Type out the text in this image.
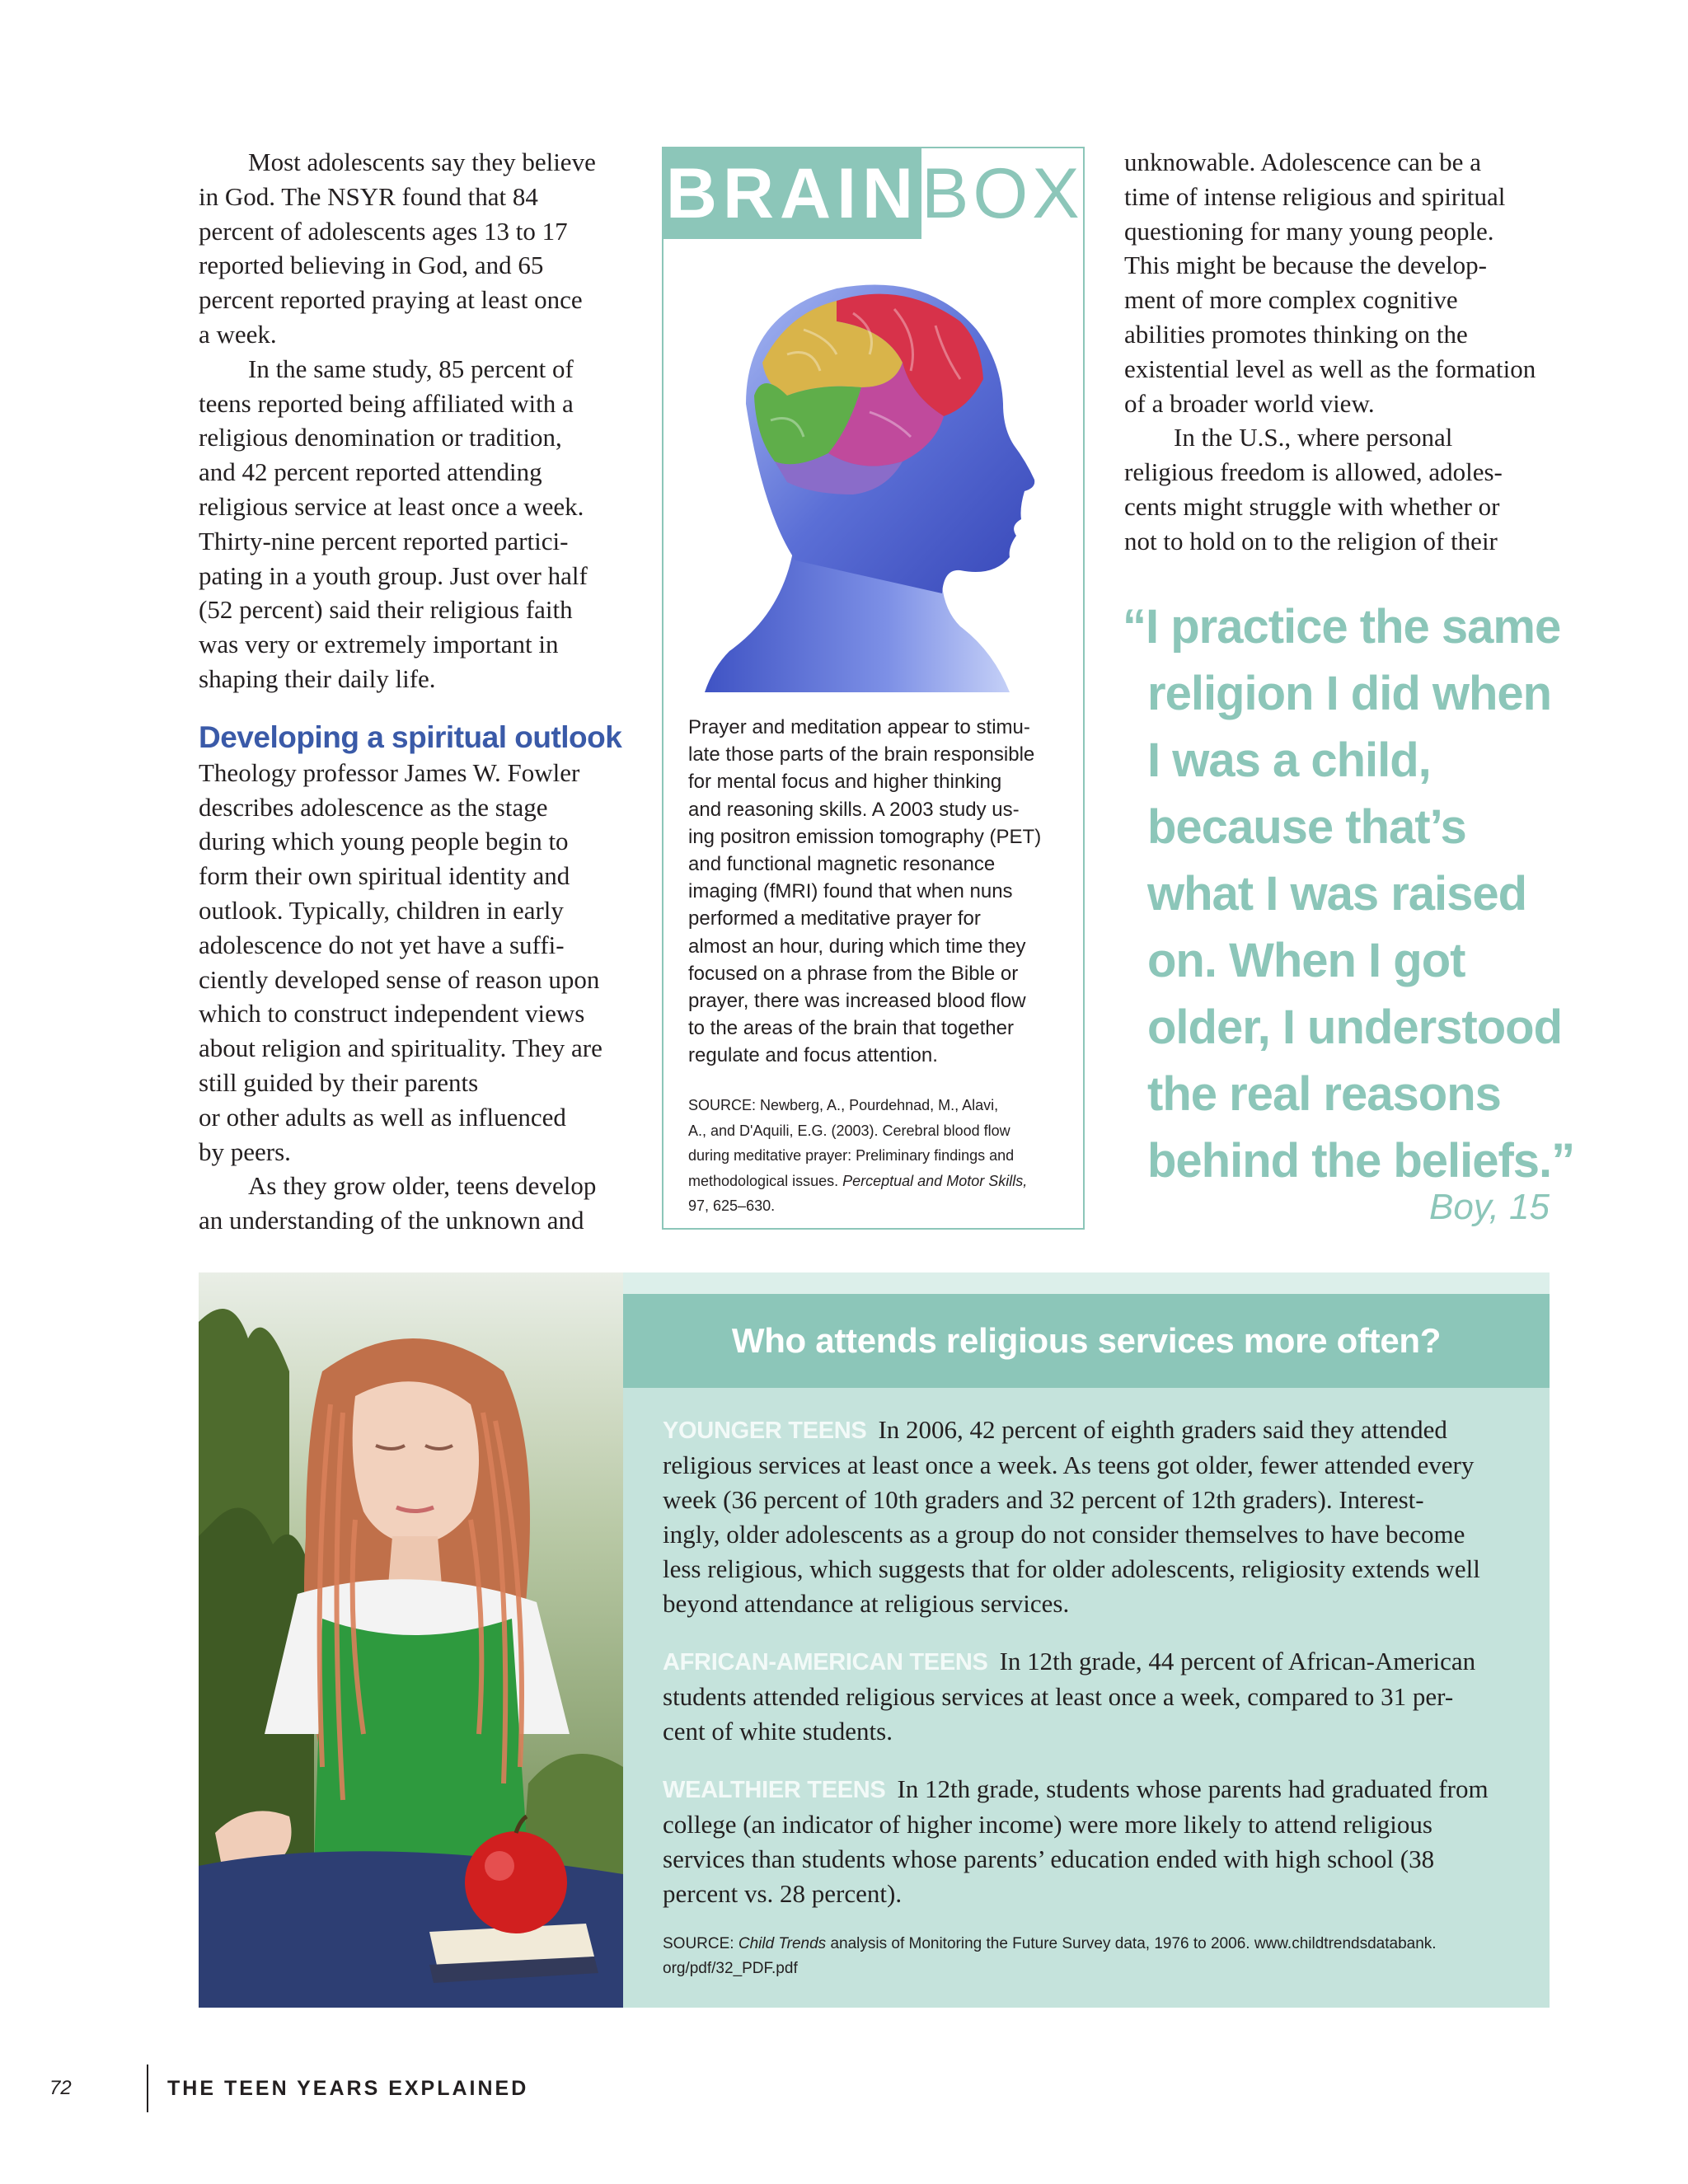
Most adolescents say they believe
in God. The NSYR found that 84
percent of adolescents ages 13 to 17
reported believing in God, and 65
percent reported praying at least once
a week.

In the same study, 85 percent of
teens reported being affiliated with a
religious denomination or tradition,
and 42 percent reported attending
religious service at least once a week.
Thirty-nine percent reported partici-
pating in a youth group. Just over half
(52 percent) said their religious faith
was very or extremely important in
shaping their daily life.

Developing a spiritual outlook

Theology professor James W. Fowler
describes adolescence as the stage
during which young people begin to
form their own spiritual identity and
outlook. Typically, children in early
adolescence do not yet have a suffi-
ciently developed sense of reason upon
which to construct independent views
about religion and spirituality. They are
still guided by their parents
or other adults as well as influenced
by peers.

As they grow older, teens develop
an understanding of the unknown and

BRAIN BOX
Prayer and meditation appear to stimu-
late those parts of the brain responsible
for mental focus and higher thinking
and reasoning skills. A 2003 study us-
ing positron emission tomography (PET)
and functional magnetic resonance
imaging (fMRI) found that when nuns
performed a meditative prayer for
almost an hour, during which time they
focused on a phrase from the Bible or
prayer, there was increased blood flow
to the areas of the brain that together
regulate and focus attention.
SOURCE: Newberg, A., Pourdehnad, M., Alavi,
A., and D'Aquili, E.G. (2003). Cerebral blood flow
during meditative prayer: Preliminary findings and
methodological issues. Perceptual and Motor Skills,
97, 625–630.

unknowable. Adolescence can be a
time of intense religious and spiritual
questioning for many young people.
This might be because the develop-
ment of more complex cognitive
abilities promotes thinking on the
existential level as well as the formation
of a broader world view.

In the U.S., where personal
religious freedom is allowed, adoles-
cents might struggle with whether or
not to hold on to the religion of their

“I practice the same
religion I did when
I was a child,
because that’s
what I was raised
on. When I got
older, I understood
the real reasons
behind the beliefs.”
Boy, 15
Who attends religious services more often?
YOUNGER TEENS In 2006, 42 percent of eighth graders said they attended
religious services at least once a week. As teens got older, fewer attended every
week (36 percent of 10th graders and 32 percent of 12th graders). Interest-
ingly, older adolescents as a group do not consider themselves to have become
less religious, which suggests that for older adolescents, religiosity extends well
beyond attendance at religious services.
AFRICAN-AMERICAN TEENS In 12th grade, 44 percent of African-American
students attended religious services at least once a week, compared to 31 per-
cent of white students.
WEALTHIER TEENS In 12th grade, students whose parents had graduated from
college (an indicator of higher income) were more likely to attend religious
services than students whose parents’ education ended with high school (38
percent vs. 28 percent).
SOURCE: Child Trends analysis of Monitoring the Future Survey data, 1976 to 2006. www.childtrendsdatabank.
org/pdf/32_PDF.pdf
72	THE TEEN YEARS EXPLAINED
